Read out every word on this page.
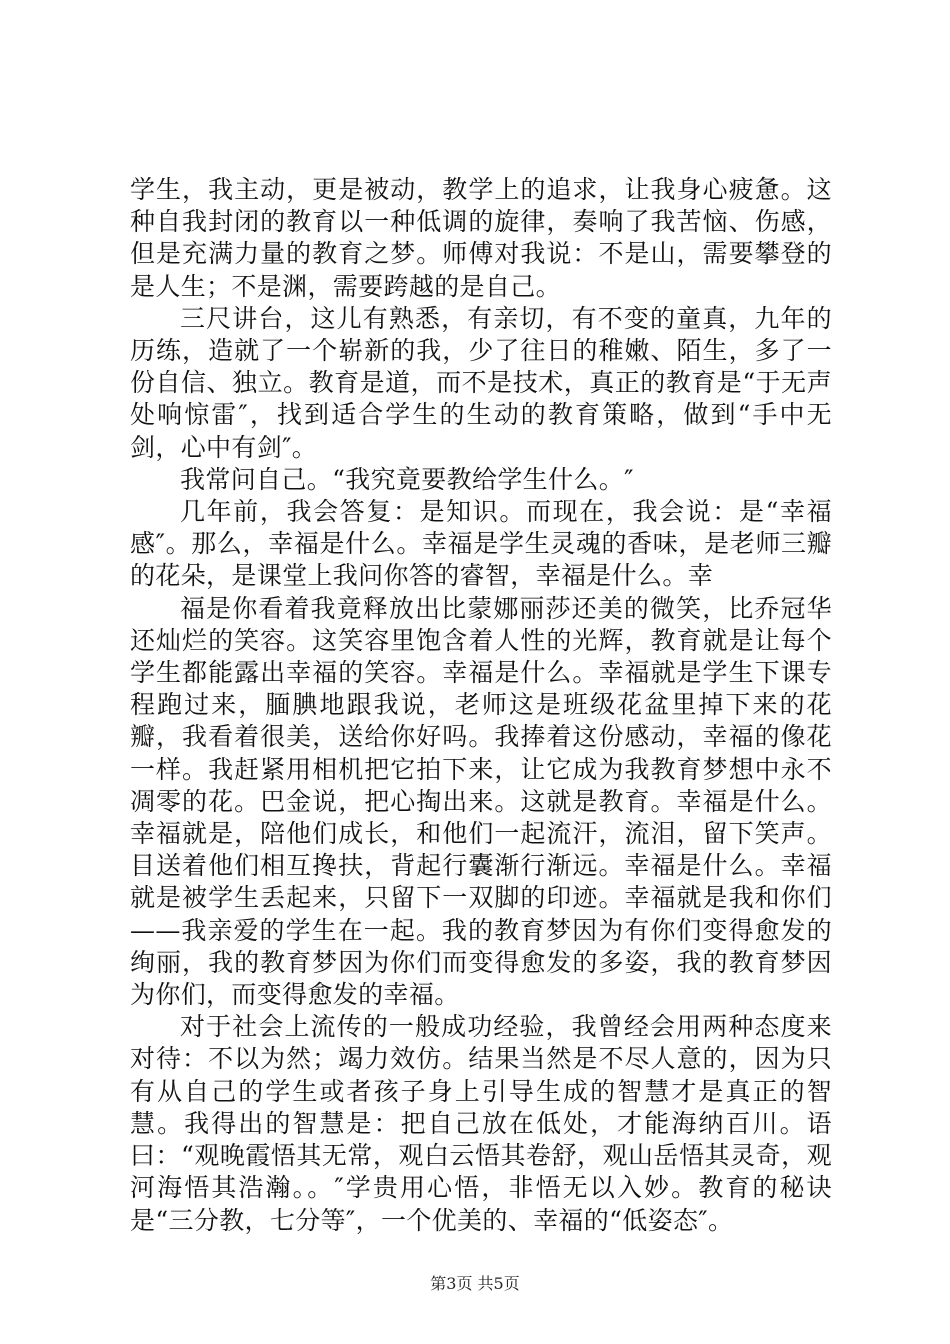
学生，我主动，更是被动，教学上的追求，让我身心疲惫。这种自我封闭的教育以一种低调的旋律，奏响了我苦恼、伤感，但是充满力量的教育之梦。师傅对我说：不是山，需要攀登的是人生；不是渊，需要跨越的是自己。

三尺讲台，这儿有熟悉，有亲切，有不变的童真，九年的历练，造就了一个崭新的我，少了往日的稚嫩、陌生，多了一份自信、独立。教育是道，而不是技术，真正的教育是“于无声处响惊雷″，找到适合学生的生动的教育策略，做到“手中无剑，心中有剑″。

我常问自己。“我究竟要教给学生什么。″

几年前，我会答复：是知识。而现在，我会说：是“幸福感″。那么，幸福是什么。幸福是学生灵魂的香味，是老师三瓣的花朵，是课堂上我问你答的睿智，幸福是什么。幸

福是你看着我竟释放出比蒙娜丽莎还美的微笑，比乔冠华还灿烂的笑容。这笑容里饱含着人性的光辉，教育就是让每个学生都能露出幸福的笑容。幸福是什么。幸福就是学生下课专程跑过来，腼腆地跟我说，老师这是班级花盆里掉下来的花瓣，我看着很美，送给你好吗。我捧着这份感动，幸福的像花一样。我赶紧用相机把它拍下来，让它成为我教育梦想中永不凋零的花。巴金说，把心掏出来。这就是教育。幸福是什么。幸福就是，陪他们成长，和他们一起流汗，流泪，留下笑声。目送着他们相互搀扶，背起行囊渐行渐远。幸福是什么。幸福就是被学生丢起来，只留下一双脚的印迹。幸福就是我和你们——我亲爱的学生在一起。我的教育梦因为有你们变得愈发的绚丽，我的教育梦因为你们而变得愈发的多姿，我的教育梦因为你们，而变得愈发的幸福。

对于社会上流传的一般成功经验，我曾经会用两种态度来对待：不以为然；竭力效仿。结果当然是不尽人意的，因为只有从自己的学生或者孩子身上引导生成的智慧才是真正的智慧。我得出的智慧是：把自己放在低处，才能海纳百川。语曰：“观晚霞悟其无常，观白云悟其卷舒，观山岳悟其灵奇，观河海悟其浩瀚。。″学贵用心悟，非悟无以入妙。教育的秘诀是“三分教，七分等″，一个优美的、幸福的“低姿态″。

第3页 共5页
